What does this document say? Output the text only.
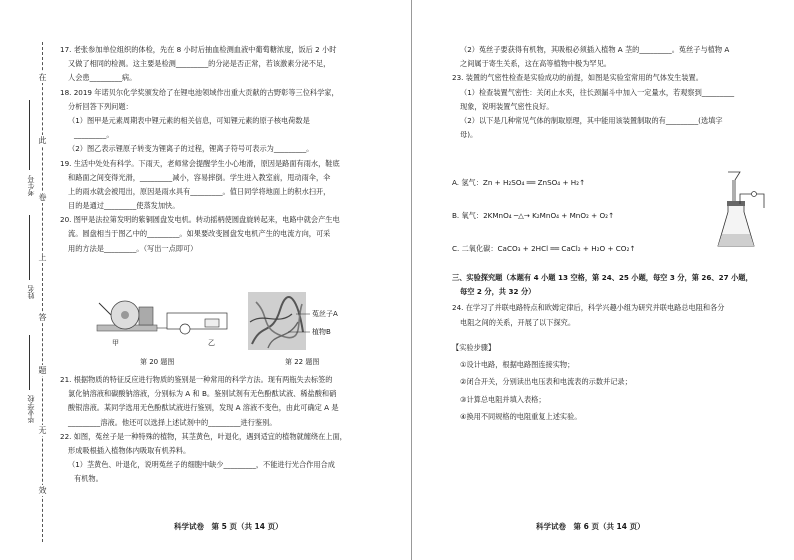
在
此
卷
上
答
题
无
效
考生号
姓名
毕业学校
17. 老张参加单位组织的体检，先在 8 小时后抽血检测血液中葡萄糖浓度，饭后 2 小时
又做了相同的检测。这主要是检测_________的分泌是否正常，若该激素分泌不足，
人会患_________病。
18. 2019 年诺贝尔化学奖颁发给了在锂电池领域作出重大贡献的古野彰等三位科学家，
分析回答下列问题：
（1）图甲是元素周期表中锂元素的相关信息，可知锂元素的原子核电荷数是
_________。
（2）图乙表示锂原子转变为锂离子的过程，锂离子符号可表示为_________。
19. 生活中处处有科学。下雨天，老师常会提醒学生小心地滑，原因是路面有雨水，鞋底
和路面之间变得光滑，_________减小，容易摔倒。学生进入教室前，甩动雨伞，伞
上的雨水就会被甩出，原因是雨水具有_________。值日同学将地面上的积水扫开，
目的是通过_________使蒸发加快。
20. 图甲是法拉第发明的紫铜圆盘发电机。转动摇柄使圆盘旋转起来，电路中就会产生电
流。圆盘相当于图乙中的_________。如果要改变圆盘发电机产生的电流方向，可采
用的方法是_________。（写出一点即可）
甲	乙
第 20 题图
菟丝子A
植物B
第 22 题图
21. 根据物质的特征反应进行物质的鉴别是一种常用的科学方法。现有两瓶失去标签的
氯化钠溶液和碳酸钠溶液，分别标为 A 和 B。鉴别试剂有无色酚酞试液、稀盐酸和硝
酸银溶液。某同学选用无色酚酞试液进行鉴别，发现 A 溶液不变色，由此可确定 A 是
_________溶液。他还可以选择上述试剂中的_________进行鉴别。
22. 如图，菟丝子是一种特殊的植物，其茎黄色，叶退化，遇到适宜的植物就缠绕在上面，
形成吸根插入植物体内吸取有机养料。
（1）茎黄色、叶退化，说明菟丝子的细胞中缺少_________，不能进行光合作用合成
有机物。
科学试卷　第 5 页（共 14 页）
（2）菟丝子要获得有机物，其吸根必须插入植物 A 茎的_________。菟丝子与植物 A
之间属于寄生关系，这在高等植物中极为罕见。
23. 装置的气密性检查是实验成功的前提，如图是实验室常用的气体发生装置。
（1）检查装置气密性：关闭止水夹，往长颈漏斗中加入一定量水，若观察到_________
现象，说明装置气密性良好。
（2）以下是几种常见气体的制取原理，其中能用该装置制取的有_________(选填字
母)。
A. 氢气：Zn + H₂SO₄ ══ ZnSO₄ + H₂↑
B. 氧气：2KMnO₄ ─△→ K₂MnO₄ + MnO₂ + O₂↑
C. 二氧化碳：CaCO₃ + 2HCl ══ CaCl₂ + H₂O + CO₂↑
三、实验探究题（本题有 4 小题 13 空格，第 24、25 小题，每空 3 分，第 26、27 小题，
每空 2 分，共 32 分）
24. 在学习了并联电路特点和欧姆定律后，科学兴趣小组为研究并联电路总电阻和各分
电阻之间的关系，开展了以下探究。
【实验步骤】
①设计电路，根据电路图连接实物；
②闭合开关，分别读出电压表和电流表的示数并记录；
③计算总电阻并填入表格；
④换用不同规格的电阻重复上述实验。
科学试卷　第 6 页（共 14 页）
